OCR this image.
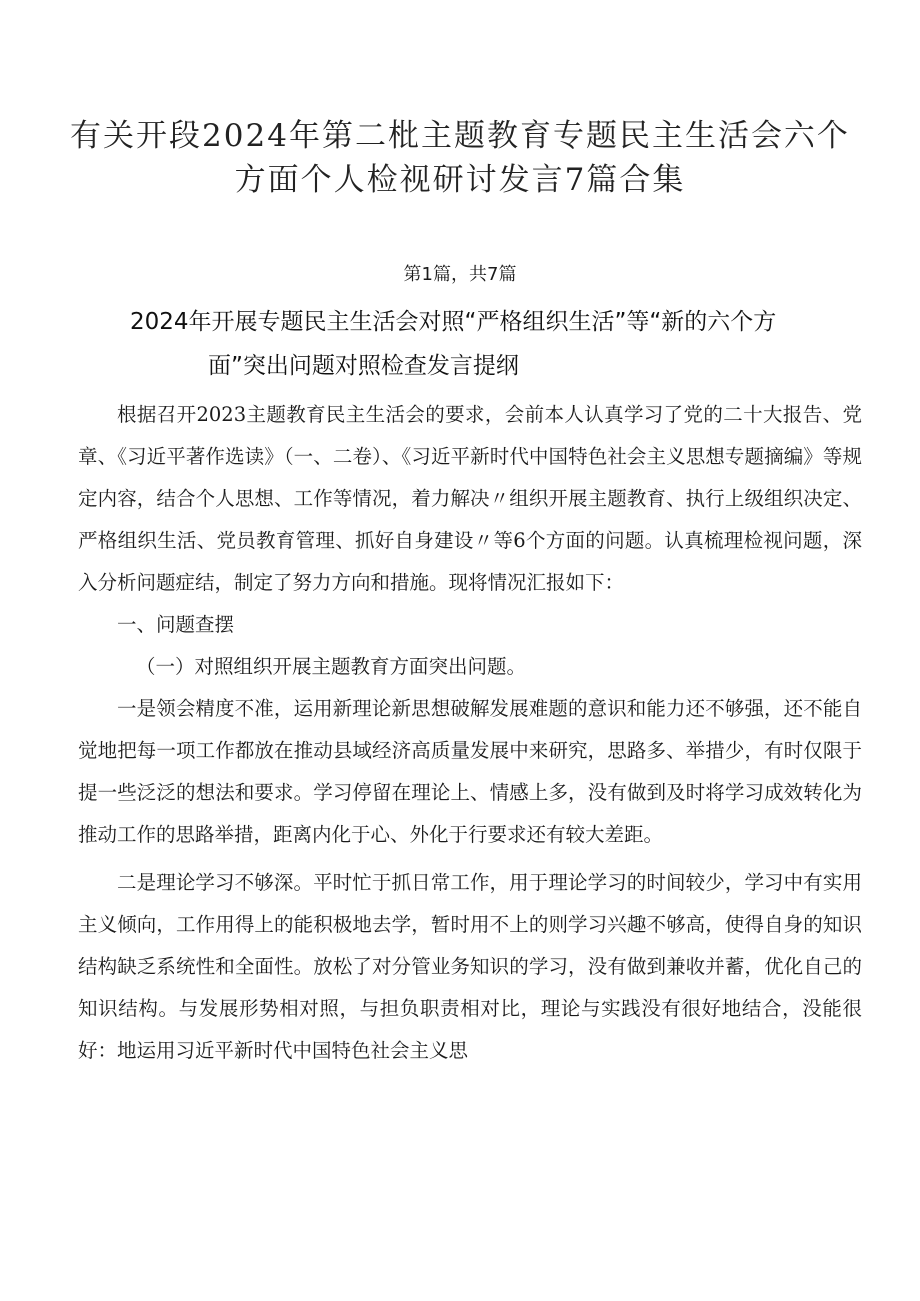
有关开段2024年第二枇主题教育专题民主生活会六个
方面个人检视研讨发言7篇合集
第1篇，共7篇
2024年开展专题民主生活会对照“严格组织生活”等“新的六个方
面”突出问题对照检查发言提纲

根据召开2023主题教育民主生活会的要求，会前本人认真学习了党的二十大报告、党章、《习近平著作选读》（一、二卷）、《习近平新时代中国特色社会主义思想专题摘编》等规定内容，结合个人思想、工作等情况，着力解决〃组织开展主题教育、执行上级组织决定、严格组织生活、党员教育管理、抓好自身建设〃等6个方面的问题。认真梳理检视问题，深入分析问题症结，制定了努力方向和措施。现将情况汇报如下：

一、问题查摆

（一）对照组织开展主题教育方面突出问题。

一是领会精度不准，运用新理论新思想破解发展难题的意识和能力还不够强，还不能自觉地把每一项工作都放在推动县域经济高质量发展中来研究，思路多、举措少，有时仅限于提一些泛泛的想法和要求。学习停留在理论上、情感上多，没有做到及时将学习成效转化为推动工作的思路举措，距离内化于心、外化于行要求还有较大差距。

二是理论学习不够深。平时忙于抓日常工作，用于理论学习的时间较少，学习中有实用主义倾向，工作用得上的能积极地去学，暂时用不上的则学习兴趣不够高，使得自身的知识结构缺乏系统性和全面性。放松了对分管业务知识的学习，没有做到兼收并蓄，优化自己的知识结构。与发展形势相对照，与担负职责相对比，理论与实践没有很好地结合，没能很好：地运用习近平新时代中国特色社会主义思
